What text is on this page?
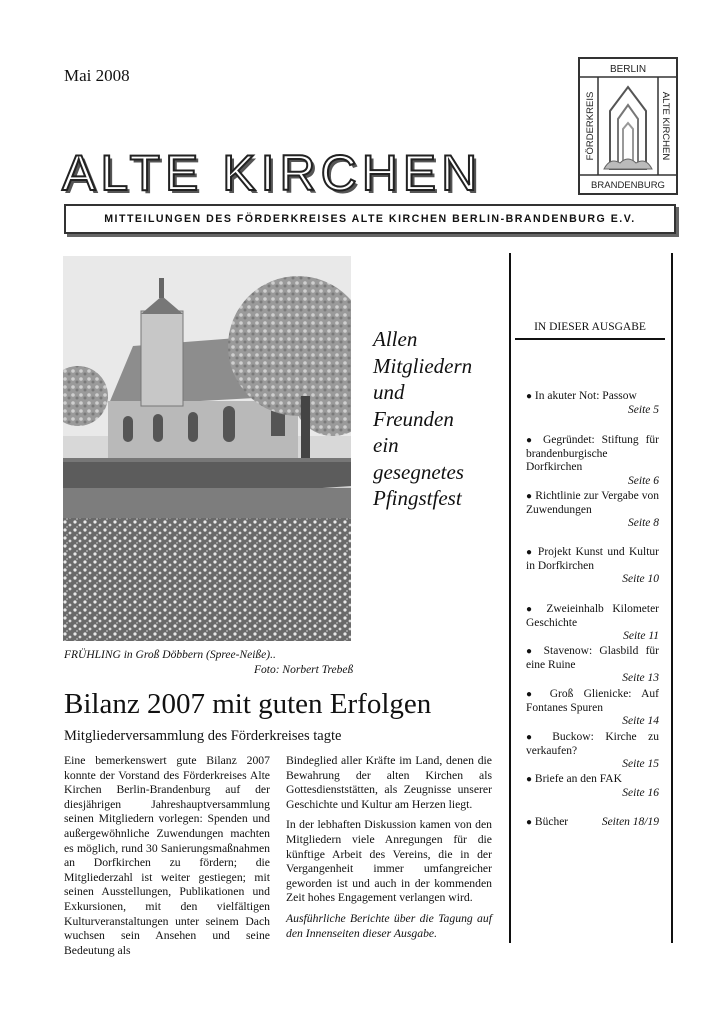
Mai 2008
ALTE KIRCHEN
BERLIN
BRANDENBURG
FÖRDERKREIS	ALTE KIRCHEN
MITTEILUNGEN DES FÖRDERKREISES ALTE KIRCHEN BERLIN-BRANDENBURG E.V.
FRÜHLING in Groß Döbbern (Spree-Neiße)..
Foto: Norbert Trebeß
Allen
Mitgliedern
und
Freunden
ein
gesegnetes
Pfingstfest
IN DIESER AUSGABE
● In akuter Not: Passow
Seite 5
● Gegründet: Stiftung für brandenburgische Dorfkirchen
Seite 6
● Richtlinie zur Vergabe von Zuwendungen
Seite 8
● Projekt Kunst und Kultur in Dorfkirchen
Seite 10
● Zweieinhalb Kilometer Geschichte
Seite 11
● Stavenow: Glasbild für eine Ruine
Seite 13
● Groß Glienicke: Auf Fontanes Spuren
Seite 14
● Buckow: Kirche zu verkaufen?
Seite 15
● Briefe an den FAK
Seite 16
● Bücher	Seiten 18/19
Bilanz 2007 mit guten Erfolgen
Mitgliederversammlung des Förderkreises tagte

Eine bemerkenswert gute Bilanz 2007 konnte der Vorstand des Förderkreises Alte Kirchen Berlin-Brandenburg auf der diesjährigen Jahreshauptversammlung seinen Mitgliedern vorlegen: Spenden und außergewöhnliche Zuwendungen machten es möglich, rund 30 Sanierungsmaßnahmen an Dorfkirchen zu fördern; die Mitgliederzahl ist weiter gestiegen; mit seinen Ausstellungen, Publikationen und Exkursionen, mit den vielfältigen Kulturveranstaltungen unter seinem Dach wuchsen sein Ansehen und seine Bedeutung als

Bindeglied aller Kräfte im Land, denen die Bewahrung der alten Kirchen als Gottesdienststätten, als Zeugnisse unserer Geschichte und Kultur am Herzen liegt.

In der lebhaften Diskussion kamen von den Mitgliedern viele Anregungen für die künftige Arbeit des Vereins, die in der Vergangenheit immer umfangreicher geworden ist und auch in der kommenden Zeit hohes Engagement verlangen wird.

Ausführliche Berichte über die Tagung auf den Innenseiten dieser Ausgabe.
